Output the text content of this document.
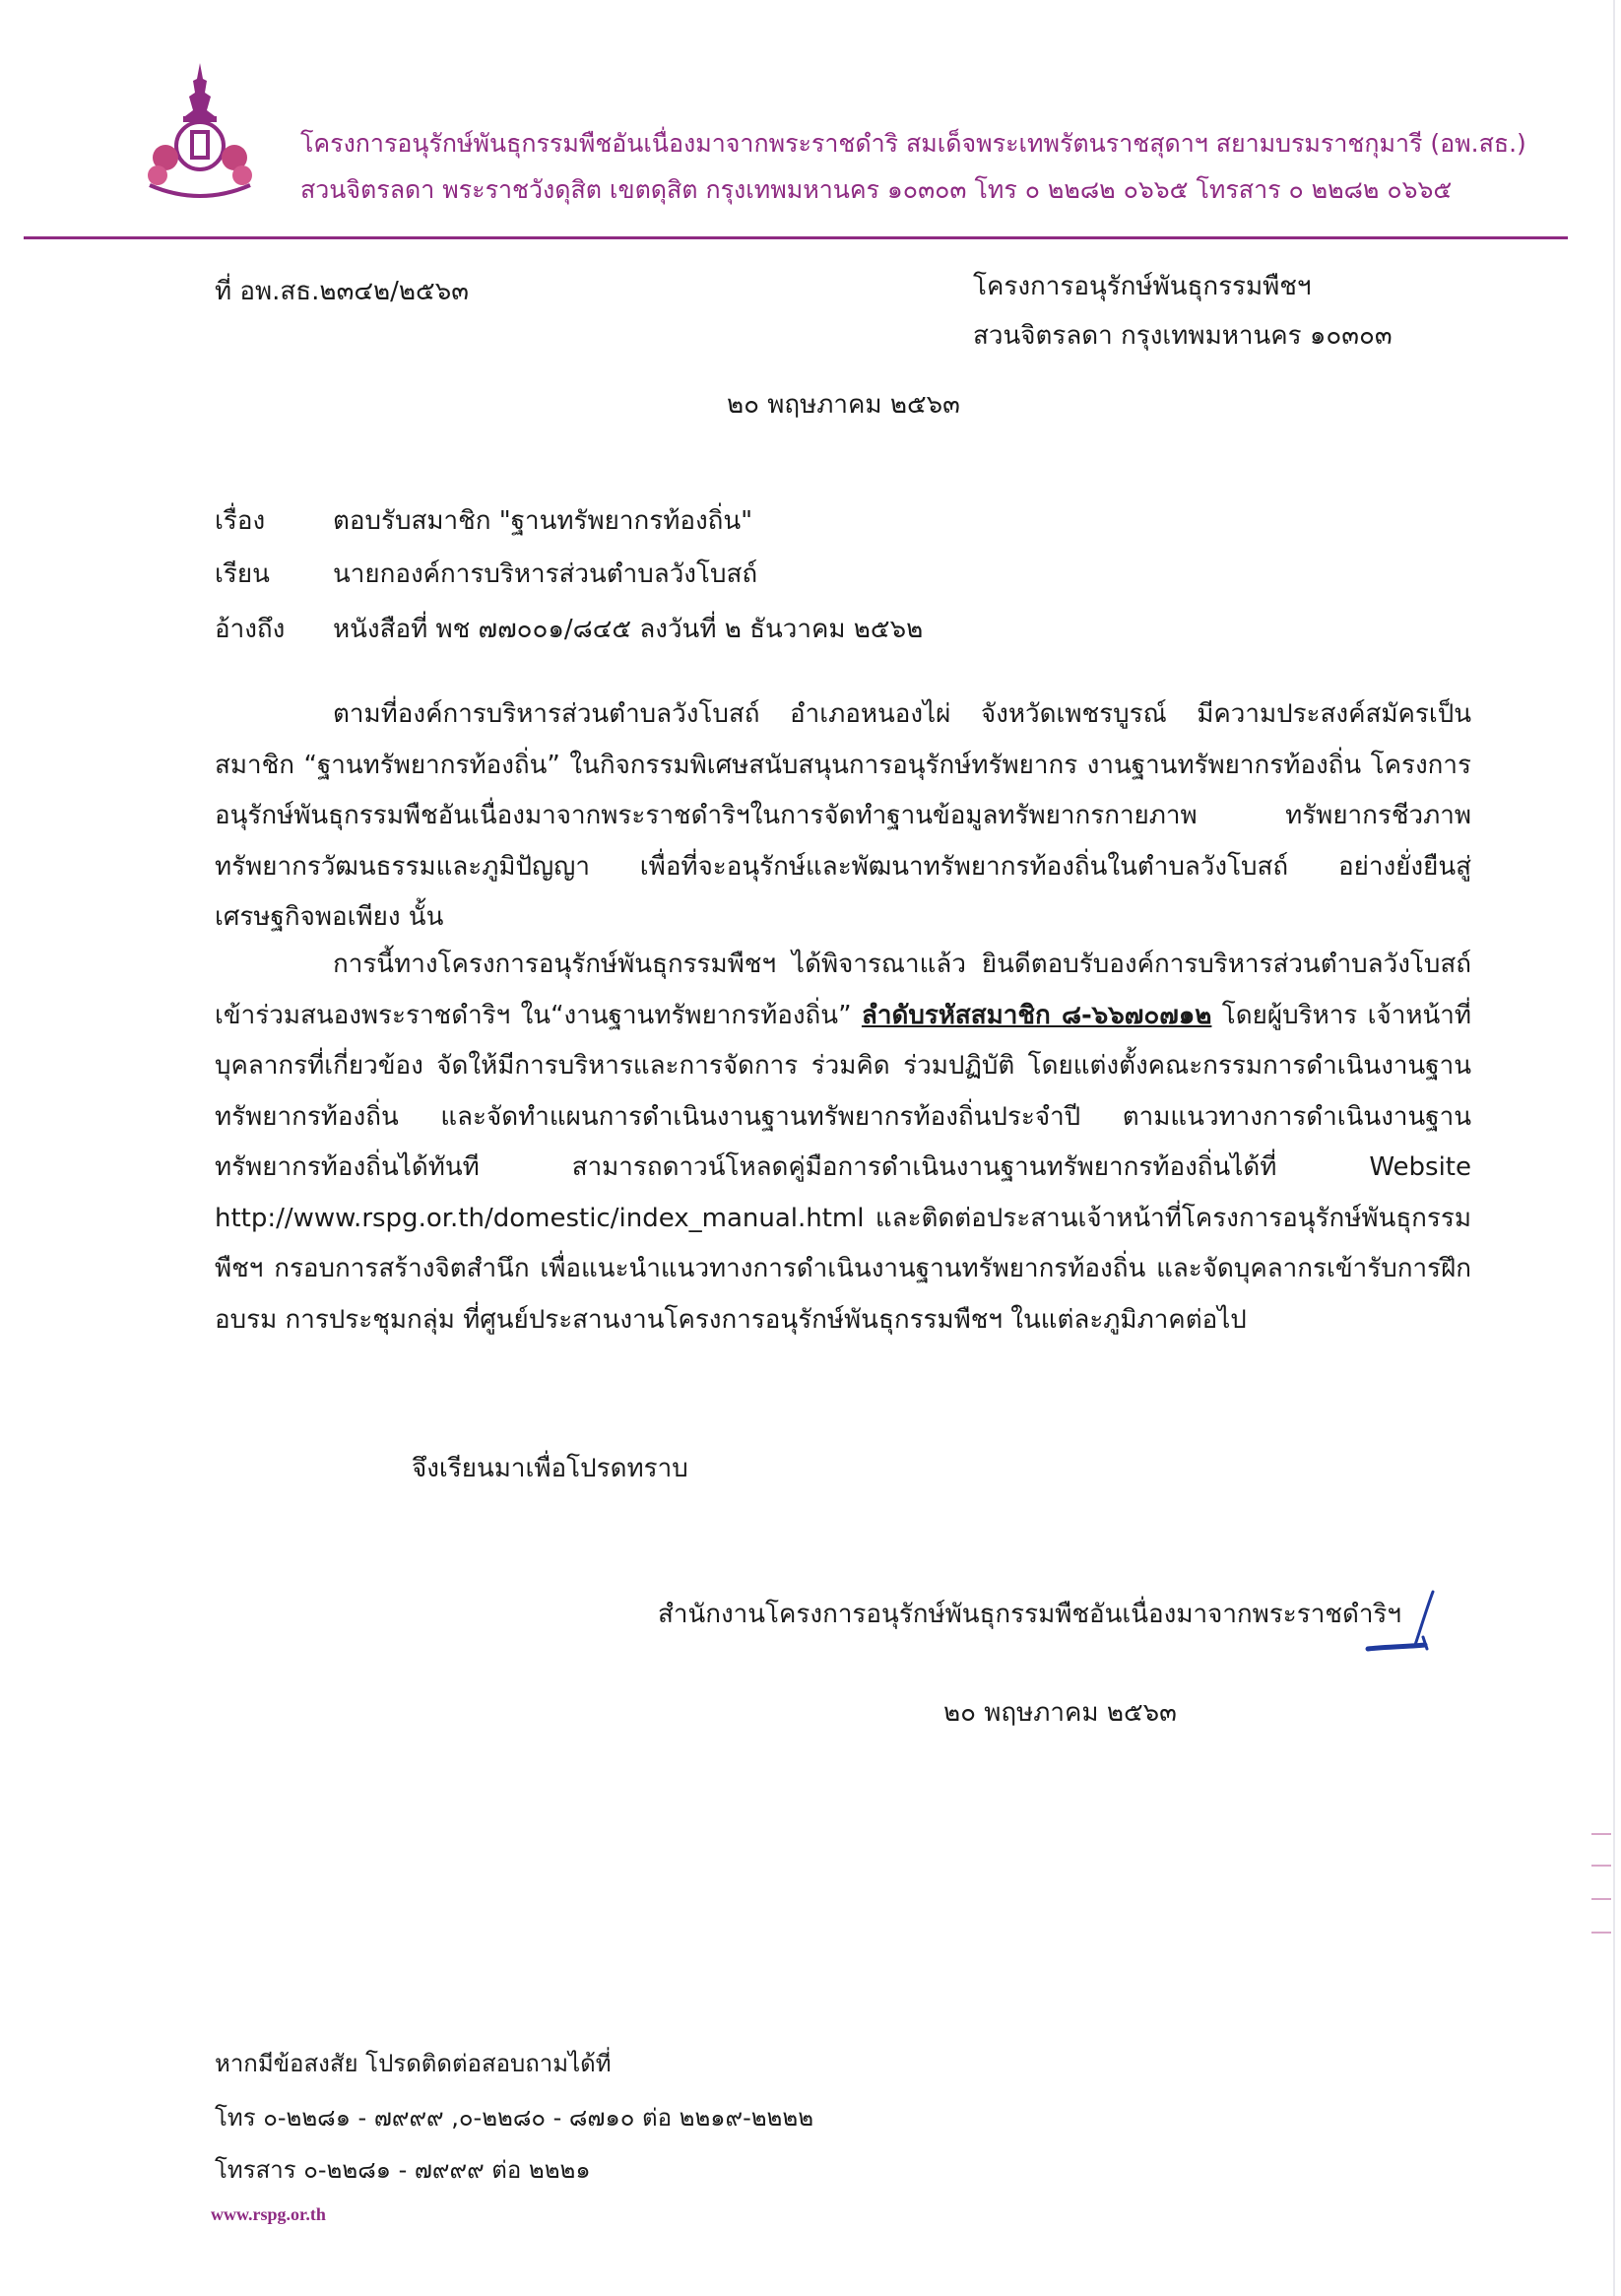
โครงการอนุรักษ์พันธุกรรมพืชอันเนื่องมาจากพระราชดำริ สมเด็จพระเทพรัตนราชสุดาฯ สยามบรมราชกุมารี (อพ.สธ.)
สวนจิตรลดา พระราชวังดุสิต เขตดุสิต กรุงเทพมหานคร ๑๐๓๐๓ โทร ๐ ๒๒๘๒ ๐๖๖๕ โทรสาร ๐ ๒๒๘๒ ๐๖๖๕
ที่ อพ.สธ.๒๓๔๒/๒๕๖๓	โครงการอนุรักษ์พันธุกรรมพืชฯ
สวนจิตรลดา กรุงเทพมหานคร ๑๐๓๐๓
๒๐ พฤษภาคม ๒๕๖๓
เรื่อง	ตอบรับสมาชิก "ฐานทรัพยากรท้องถิ่น"
เรียน นายกองค์การบริหารส่วนตำบลวังโบสถ์
อ้างถึง หนังสือที่ พช ๗๗๐๐๑/๘๔๕ ลงวันที่ ๒ ธันวาคม ๒๕๖๒

ตามที่องค์การบริหารส่วนตำบลวังโบสถ์ อำเภอหนองไผ่ จังหวัดเพชรบูรณ์ มีความประสงค์สมัครเป็นสมาชิก “ฐานทรัพยากรท้องถิ่น” ในกิจกรรมพิเศษสนับสนุนการอนุรักษ์ทรัพยากร งานฐานทรัพยากรท้องถิ่น โครงการอนุรักษ์พันธุกรรมพืชอันเนื่องมาจากพระราชดำริฯในการจัดทำฐานข้อมูลทรัพยากรกายภาพ ทรัพยากรชีวภาพ ทรัพยากรวัฒนธรรมและภูมิปัญญา เพื่อที่จะอนุรักษ์และพัฒนาทรัพยากรท้องถิ่นในตำบลวังโบสถ์ อย่างยั่งยืนสู่เศรษฐกิจพอเพียง นั้น

การนี้ทางโครงการอนุรักษ์พันธุกรรมพืชฯ ได้พิจารณาแล้ว ยินดีตอบรับองค์การบริหารส่วนตำบลวังโบสถ์ เข้าร่วมสนองพระราชดำริฯ ใน“งานฐานทรัพยากรท้องถิ่น” ลำดับรหัสสมาชิก ๘-๖๖๗๐๗๑๒ โดยผู้บริหาร เจ้าหน้าที่ บุคลากรที่เกี่ยวข้อง จัดให้มีการบริหารและการจัดการ ร่วมคิด ร่วมปฏิบัติ โดยแต่งตั้งคณะกรรมการดำเนินงานฐานทรัพยากรท้องถิ่น และจัดทำแผนการดำเนินงานฐานทรัพยากรท้องถิ่นประจำปี ตามแนวทางการดำเนินงานฐานทรัพยากรท้องถิ่นได้ทันที สามารถดาวน์โหลดคู่มือการดำเนินงานฐานทรัพยากรท้องถิ่นได้ที่ Website http://www.rspg.or.th/domestic/index_manual.html และติดต่อประสานเจ้าหน้าที่โครงการอนุรักษ์พันธุกรรมพืชฯ กรอบการสร้างจิตสำนึก เพื่อแนะนำแนวทางการดำเนินงานฐานทรัพยากรท้องถิ่น และจัดบุคลากรเข้ารับการฝึกอบรม การประชุมกลุ่ม ที่ศูนย์ประสานงานโครงการอนุรักษ์พันธุกรรมพืชฯ ในแต่ละภูมิภาคต่อไป

จึงเรียนมาเพื่อโปรดทราบ
สำนักงานโครงการอนุรักษ์พันธุกรรมพืชอันเนื่องมาจากพระราชดำริฯ
๒๐ พฤษภาคม ๒๕๖๓
หากมีข้อสงสัย โปรดติดต่อสอบถามได้ที่
โทร ๐-๒๒๘๑ - ๗๙๙๙ ,๐-๒๒๘๐ - ๘๗๑๐ ต่อ ๒๒๑๙-๒๒๒๒
โทรสาร ๐-๒๒๘๑ - ๗๙๙๙ ต่อ ๒๒๒๑
www.rspg.or.th
